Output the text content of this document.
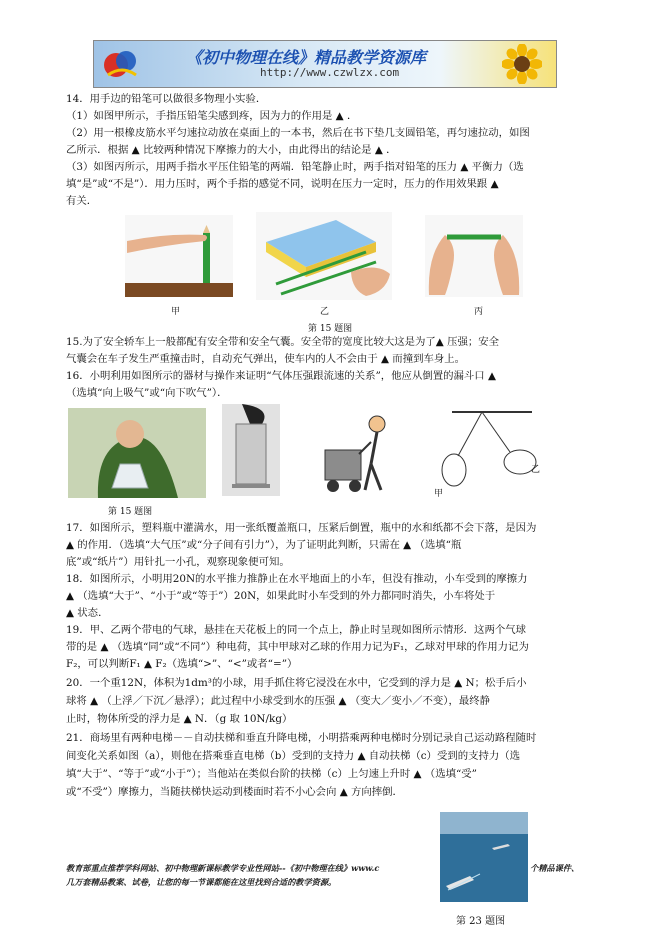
《初中物理在线》精品教学资源库
http://www.czwlzx.com
14．用手边的铅笔可以做很多物理小实验．
（1）如图甲所示，手指压铅笔尖感到疼，因为力的作用是 ▲ ．
（2）用一根橡皮筋水平匀速拉动放在桌面上的一本书，然后在书下垫几支圆铅笔，再匀速拉动，如图
乙所示．根据 ▲ 比较两种情况下摩擦力的大小，由此得出的结论是 ▲ ．
（3）如图丙所示，用两手指水平压住铅笔的两端．铅笔静止时，两手指对铅笔的压力 ▲ 平衡力（选
填“是”或“不是”）．用力压时，两个手指的感觉不同，说明在压力一定时，压力的作用效果跟 ▲
有关．
甲	乙	丙
第 15 题图
15.为了安全轿车上一般都配有安全带和安全气囊。安全带的宽度比较大这是为了▲ 压强；安全
气囊会在车子发生严重撞击时，自动充气弹出，使车内的人不会由于 ▲ 而撞到车身上。
16．小明利用如图所示的器材与操作来证明“气体压强跟流速的关系”，他应从倒置的漏斗口 ▲
（选填“向上吸气”或“向下吹气”）．
甲
乙
第 15 题图
17．如图所示，塑料瓶中灌满水，用一张纸覆盖瓶口，压紧后倒置，瓶中的水和纸都不会下落，是因为
▲ 的作用．（选填“大气压”或“分子间有引力”），为了证明此判断，只需在 ▲ （选填“瓶
底”或“纸片”）用针扎一小孔，观察现象便可知。
18．如图所示，小明用20N的水平推力推静止在水平地面上的小车，但没有推动，小车受到的摩擦力
▲ （选填“大于”、“小于”或“等于”）20N，如果此时小车受到的外力都同时消失，小车将处于
▲ 状态．
19．甲、乙两个带电的气球，悬挂在天花板上的同一个点上，静止时呈现如图所示情形．这两个气球
带的是 ▲ （选填“同”或“不同”）种电荷，其中甲球对乙球的作用力记为F₁，乙球对甲球的作用力记为
F₂，可以判断F₁ ▲ F₂（选填“>”、“<”或者“=”）
20．一个重12N，体积为1dm³的小球，用手抓住将它浸没在水中，它受到的浮力是 ▲ N；松手后小
球将 ▲ （上浮／下沉／悬浮）；此过程中小球受到水的压强 ▲ （变大／变小／不变），最终静
止时，物体所受的浮力是 ▲ N．（g 取 10N/kg）
21．商场里有两种电梯－－自动扶梯和垂直升降电梯，小明搭乘两种电梯时分别记录自己运动路程随时
间变化关系如图（a），则他在搭乘垂直电梯（b）受到的支持力 ▲ 自动扶梯（c）受到的支持力（选
填“大于”、“等于”或“小于”）；当他站在类似台阶的扶梯（c）上匀速上升时 ▲ （选填“受”
或“不受”）摩擦力，当随扶梯快运动到楼面时若不小心会向 ▲ 方向摔倒．
教育部重点推荐学科网站、初中物理新课标教学专业性网站--《初中物理在线》www.c	个精品课件、
几万套精品教案、试卷，让您的每一节课都能在这里找到合适的教学资源。
第 23 题图
